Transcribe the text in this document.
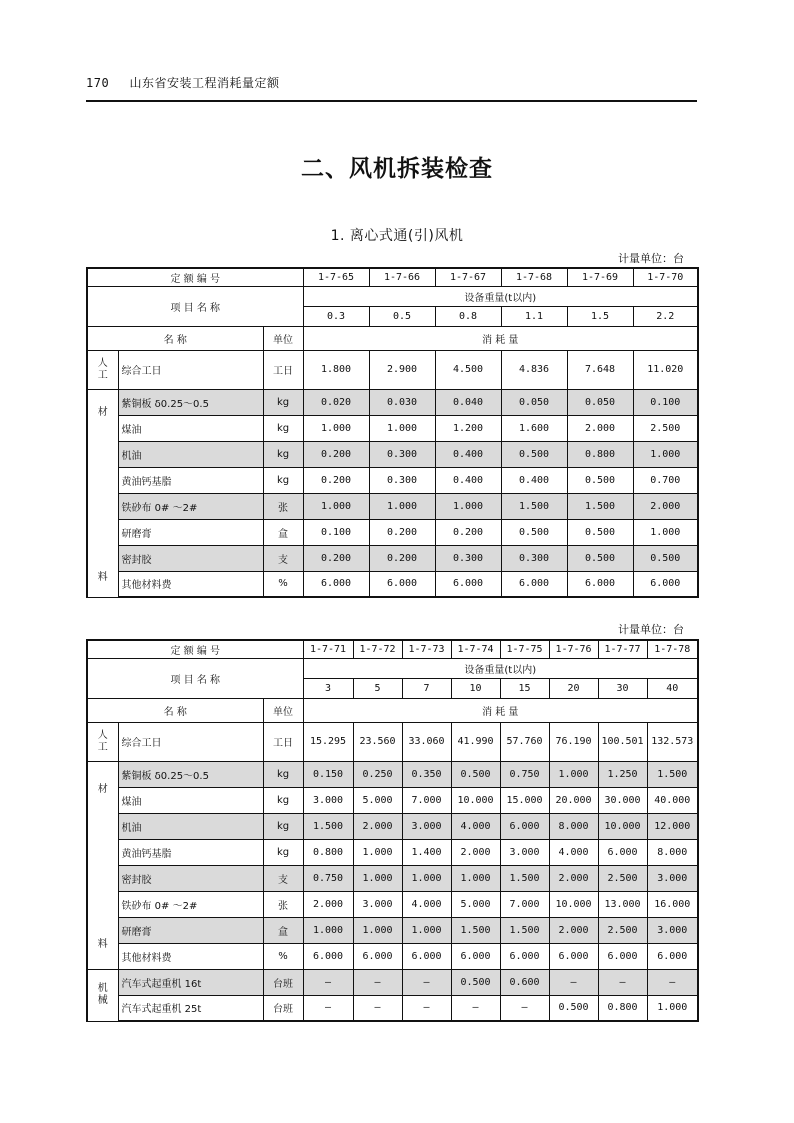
170 山东省安装工程消耗量定额
二、风机拆装检查
1. 离心式通(引)风机
计量单位：台
定 额 编 号			1-7-65	1-7-66	1-7-67	1-7-68	1-7-69	1-7-70
项 目 名 称			设备重量(t以内)					
			0.3	0.5	0.8	1.1	1.5	2.2
名 称		单位	消 耗 量					
人
工	综合工日	工日	1.800	2.900	4.500	4.836	7.648	11.020

材
料	紫铜板 δ0.25～0.5	kg	0.020	0.030	0.040	0.050	0.050	0.100
	煤油	kg	1.000	1.000	1.200	1.600	2.000	2.500
	机油	kg	0.200	0.300	0.400	0.500	0.800	1.000
	黄油钙基脂	kg	0.200	0.300	0.400	0.400	0.500	0.700
	铁砂布 0# ～2#	张	1.000	1.000	1.000	1.500	1.500	2.000
	研磨膏	盒	0.100	0.200	0.200	0.500	0.500	1.000
	密封胶	支	0.200	0.200	0.300	0.300	0.500	0.500
	其他材料费	%	6.000	6.000	6.000	6.000	6.000	6.000
计量单位：台
定 额 编 号			1-7-71	1-7-72	1-7-73	1-7-74	1-7-75	1-7-76	1-7-77	1-7-78
项 目 名 称			设备重量(t以内)							
			3	5	7	10	15	20	30	40
名 称		单位	消 耗 量							
人
工	综合工日	工日	15.295	23.560	33.060	41.990	57.760	76.190	100.501	132.573

材
料	紫铜板 δ0.25～0.5	kg	0.150	0.250	0.350	0.500	0.750	1.000	1.250	1.500
	煤油	kg	3.000	5.000	7.000	10.000	15.000	20.000	30.000	40.000
	机油	kg	1.500	2.000	3.000	4.000	6.000	8.000	10.000	12.000
	黄油钙基脂	kg	0.800	1.000	1.400	2.000	3.000	4.000	6.000	8.000
	密封胶	支	0.750	1.000	1.000	1.000	1.500	2.000	2.500	3.000
	铁砂布 0# ～2#	张	2.000	3.000	4.000	5.000	7.000	10.000	13.000	16.000
	研磨膏	盒	1.000	1.000	1.000	1.500	1.500	2.000	2.500	3.000
	其他材料费	%	6.000	6.000	6.000	6.000	6.000	6.000	6.000	6.000
机
械	汽车式起重机 16t	台班	—	—	—	0.500	0.600	—	—	—
	汽车式起重机 25t	台班	—	—	—	—	—	0.500	0.800	1.000
